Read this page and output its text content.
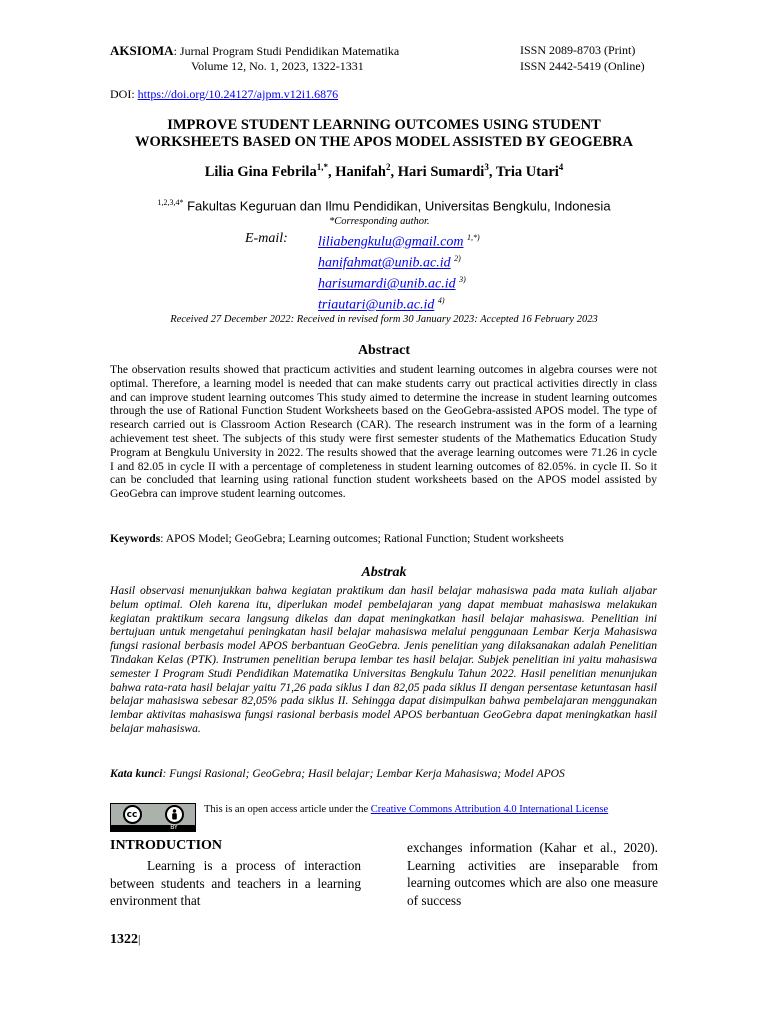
AKSIOMA: Jurnal Program Studi Pendidikan Matematika
Volume 12, No. 1, 2023, 1322-1331
ISSN 2089-8703 (Print)
ISSN 2442-5419 (Online)
DOI: https://doi.org/10.24127/ajpm.v12i1.6876
IMPROVE STUDENT LEARNING OUTCOMES USING STUDENT
WORKSHEETS BASED ON THE APOS MODEL ASSISTED BY GEOGEBRA
Lilia Gina Febrila$^{1,*}$, Hanifah$^2$, Hari Sumardi$^3$, Tria Utari$^4$
$^{1,2,3,4*}$ Fakultas Keguruan dan Ilmu Pendidikan, Universitas Bengkulu, Indonesia
*Corresponding author.
E-mail: liliabengkulu@gmail.com $^{1,*)}$
hanifahmat@unib.ac.id $^{2)}$
harisumardi@unib.ac.id $^{3)}$
triautari@unib.ac.id $^{4)}$
Received 27 December 2022: Received in revised form 30 January 2023: Accepted 16 February 2023
Abstract
The observation results showed that practicum activities and student learning outcomes in algebra courses were not optimal. Therefore, a learning model is needed that can make students carry out practical activities directly in class and can improve student learning outcomes This study aimed to determine the increase in student learning outcomes through the use of Rational Function Student Worksheets based on the GeoGebra-assisted APOS model. The type of research carried out is Classroom Action Research (CAR). The research instrument was in the form of a learning achievement test sheet. The subjects of this study were first semester students of the Mathematics Education Study Program at Bengkulu University in 2022. The results showed that the average learning outcomes were 71.26 in cycle I and 82.05 in cycle II with a percentage of completeness in student learning outcomes of 82.05%. in cycle II. So it can be concluded that learning using rational function student worksheets based on the APOS model assisted by GeoGebra can improve student learning outcomes.
Keywords: APOS Model; GeoGebra; Learning outcomes; Rational Function; Student worksheets
Abstrak
Hasil observasi menunjukkan bahwa kegiatan praktikum dan hasil belajar mahasiswa pada mata kuliah aljabar belum optimal. Oleh karena itu, diperlukan model pembelajaran yang dapat membuat mahasiswa melakukan kegiatan praktikum secara langsung dikelas dan dapat meningkatkan hasil belajar mahasiswa. Penelitian ini bertujuan untuk mengetahui peningkatan hasil belajar mahasiswa melalui penggunaan Lembar Kerja Mahasiswa fungsi rasional berbasis model APOS berbantuan GeoGebra. Jenis penelitian yang dilaksanakan adalah Penelitian Tindakan Kelas (PTK). Instrumen penelitian berupa lembar tes hasil belajar. Subjek penelitian ini yaitu mahasiswa semester I Program Studi Pendidikan Matematika Universitas Bengkulu Tahun 2022. Hasil penelitian menunjukan bahwa rata-rata hasil belajar yaitu 71,26 pada siklus I dan 82,05 pada siklus II dengan persentase ketuntasan hasil belajar mahasiswa sebesar 82,05% pada siklus II. Sehingga dapat disimpulkan bahwa pembelajaran menggunakan lembar aktivitas mahasiswa fungsi rasional berbasis model APOS berbantuan GeoGebra dapat meningkatkan hasil belajar mahasiswa.
Kata kunci: Fungsi Rasional; GeoGebra; Hasil belajar; Lembar Kerja Mahasiswa; Model APOS
cc
BY
This is an open access article under the Creative Commons Attribution 4.0 International License
INTRODUCTION
Learning is a process of interaction between students and teachers in a learning environment that
exchanges information (Kahar et al., 2020). Learning activities are inseparable from learning outcomes which are also one measure of success
1322|
